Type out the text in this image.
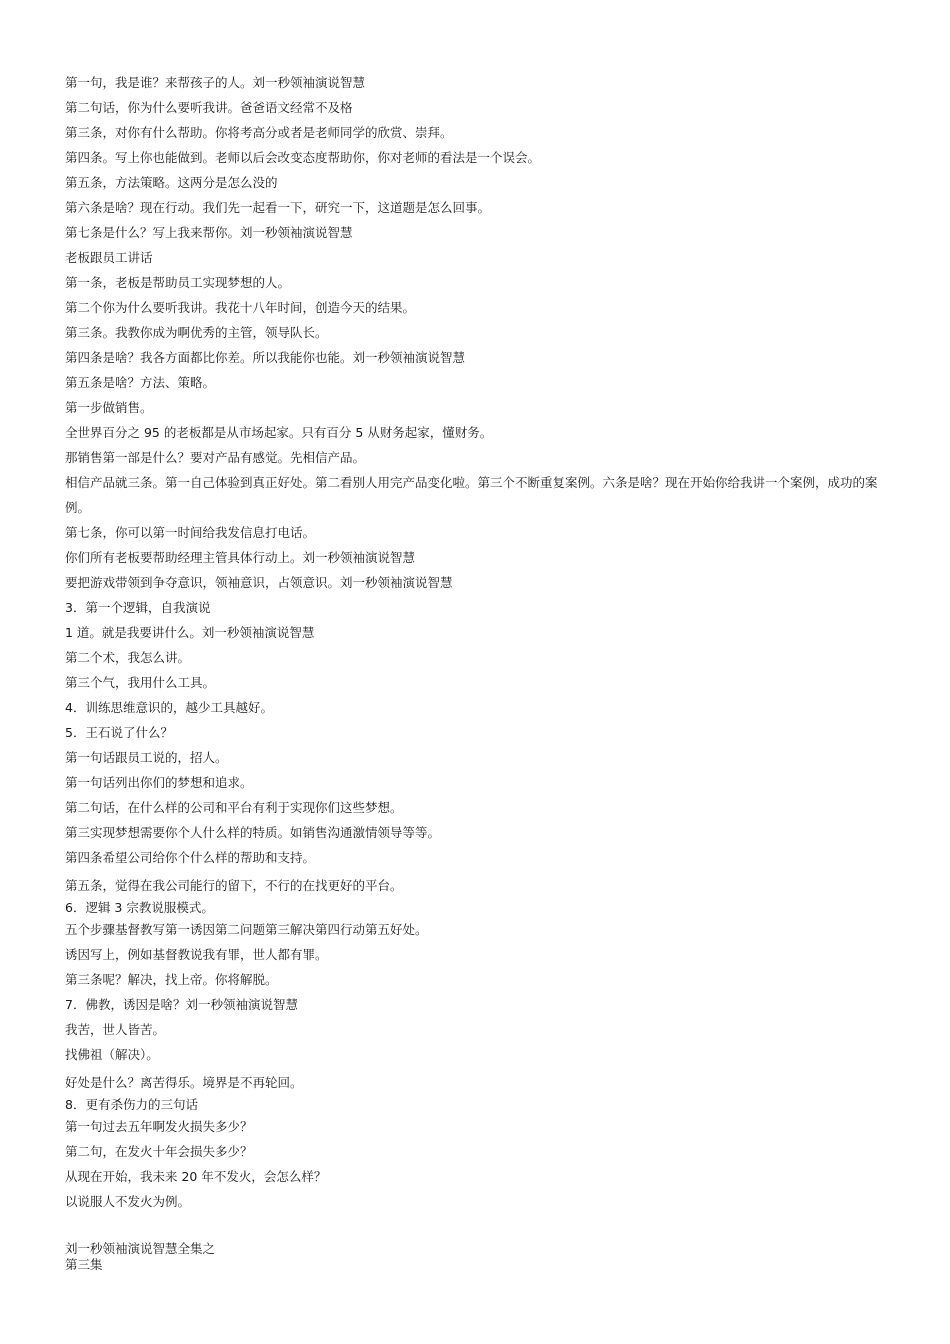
第一句，我是谁？来帮孩子的人。刘一秒领袖演说智慧

第二句话，你为什么要听我讲。爸爸语文经常不及格

第三条，对你有什么帮助。你将考高分或者是老师同学的欣赏、崇拜。

第四条。写上你也能做到。老师以后会改变态度帮助你，你对老师的看法是一个误会。

第五条，方法策略。这两分是怎么没的

第六条是啥？现在行动。我们先一起看一下，研究一下，这道题是怎么回事。

第七条是什么？写上我来帮你。刘一秒领袖演说智慧

老板跟员工讲话

第一条，老板是帮助员工实现梦想的人。

第二个你为什么要听我讲。我花十八年时间，创造今天的结果。

第三条。我教你成为啊优秀的主管，领导队长。

第四条是啥？我各方面都比你差。所以我能你也能。刘一秒领袖演说智慧

第五条是啥？方法、策略。

第一步做销售。

全世界百分之 95 的老板都是从市场起家。只有百分 5 从财务起家，懂财务。

那销售第一部是什么？要对产品有感觉。先相信产品。

相信产品就三条。第一自己体验到真正好处。第二看别人用完产品变化啦。第三个不断重复案例。六条是啥？现在开始你给我讲一个案例，成功的案例。

第七条，你可以第一时间给我发信息打电话。

你们所有老板要帮助经理主管具体行动上。刘一秒领袖演说智慧

要把游戏带领到争夺意识，领袖意识，占领意识。刘一秒领袖演说智慧

3．第一个逻辑，自我演说

1 道。就是我要讲什么。刘一秒领袖演说智慧

第二个术，我怎么讲。

第三个气，我用什么工具。

4．训练思维意识的，越少工具越好。

5．王石说了什么？

第一句话跟员工说的，招人。

第一句话列出你们的梦想和追求。

第二句话，在什么样的公司和平台有利于实现你们这些梦想。

第三实现梦想需要你个人什么样的特质。如销售沟通激情领导等等。

第四条希望公司给你个什么样的帮助和支持。

第五条，觉得在我公司能行的留下，不行的在找更好的平台。

6．逻辑 3 宗教说服模式。

五个步骤基督教写第一诱因第二问题第三解决第四行动第五好处。

诱因写上，例如基督教说我有罪，世人都有罪。

第三条呢？解决，找上帝。你将解脱。

7．佛教，诱因是啥？刘一秒领袖演说智慧

我苦，世人皆苦。

找佛祖（解决）。

好处是什么？离苦得乐。境界是不再轮回。

8．更有杀伤力的三句话

第一句过去五年啊发火损失多少？

第二句，在发火十年会损失多少？

从现在开始，我未来 20 年不发火，会怎么样？

以说服人不发火为例。

刘一秒领袖演说智慧全集之

第三集
